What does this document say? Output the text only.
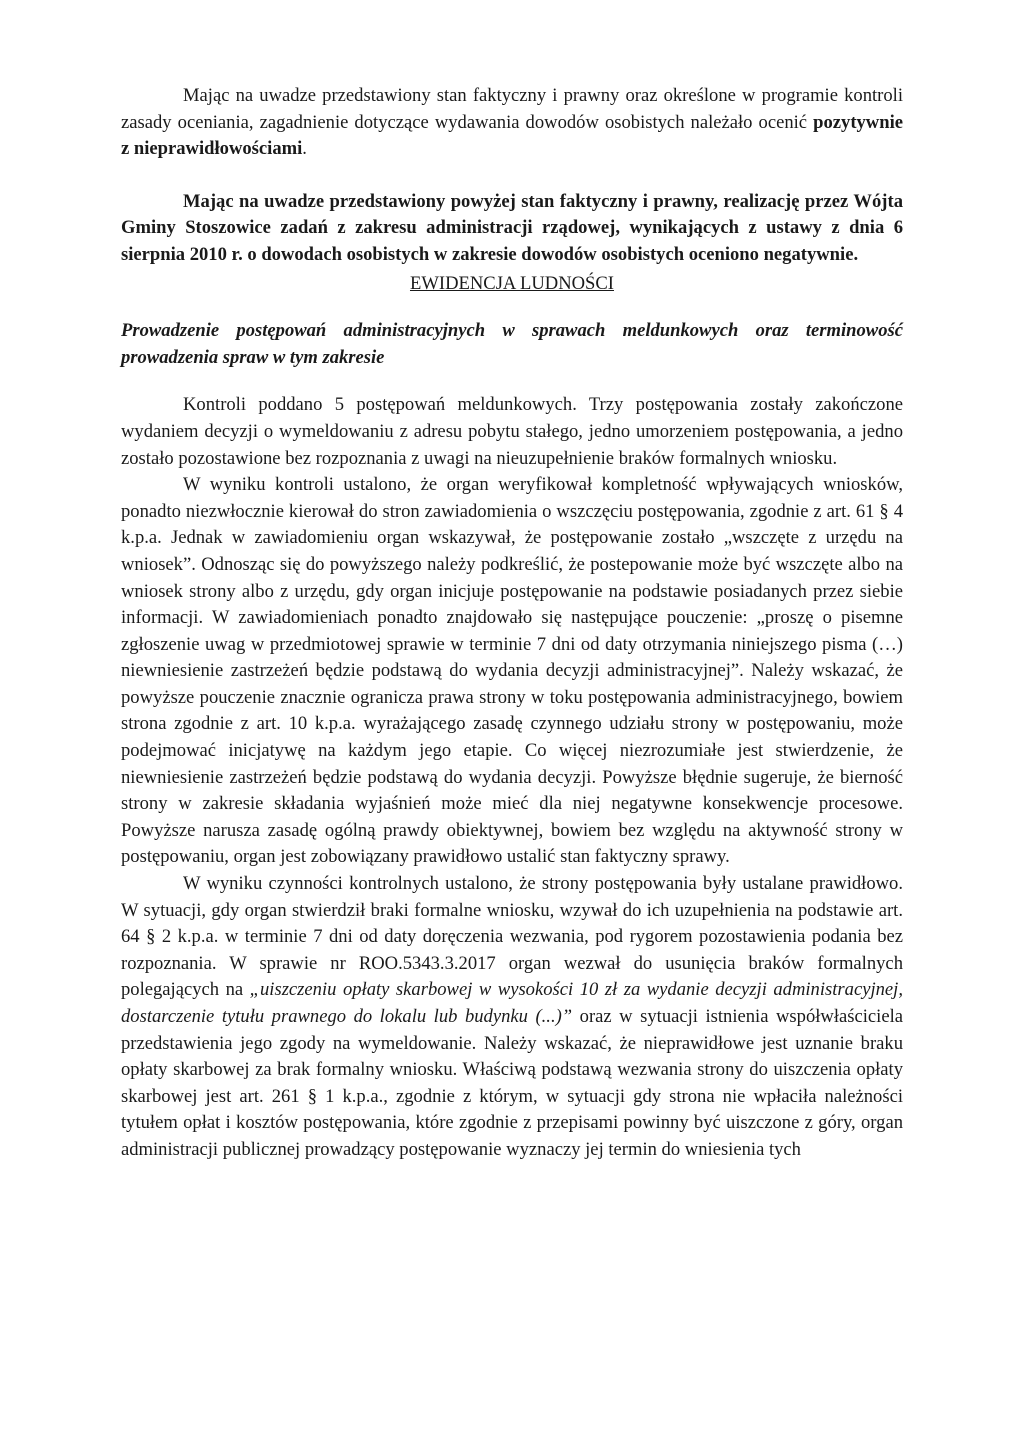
Mając na uwadze przedstawiony stan faktyczny i prawny oraz określone w programie kontroli zasady oceniania, zagadnienie dotyczące wydawania dowodów osobistych należało ocenić pozytywnie z nieprawidłowościami.

Mając na uwadze przedstawiony powyżej stan faktyczny i prawny, realizację przez Wójta Gminy Stoszowice zadań z zakresu administracji rządowej, wynikających z ustawy z dnia 6 sierpnia 2010 r. o dowodach osobistych w zakresie dowodów osobistych oceniono negatywnie.

EWIDENCJA LUDNOŚCI

Prowadzenie postępowań administracyjnych w sprawach meldunkowych oraz terminowość prowadzenia spraw w tym zakresie

Kontroli poddano 5 postępowań meldunkowych. Trzy postępowania zostały zakończone wydaniem decyzji o wymeldowaniu z adresu pobytu stałego, jedno umorzeniem postępowania, a jedno zostało pozostawione bez rozpoznania z uwagi na nieuzupełnienie braków formalnych wniosku.

W wyniku kontroli ustalono, że organ weryfikował kompletność wpływających wniosków, ponadto niezwłocznie kierował do stron zawiadomienia o wszczęciu postępowania, zgodnie z art. 61 § 4 k.p.a. Jednak w zawiadomieniu organ wskazywał, że postępowanie zostało „wszczęte z urzędu na wniosek”. Odnosząc się do powyższego należy podkreślić, że postepowanie może być wszczęte albo na wniosek strony albo z urzędu, gdy organ inicjuje postępowanie na podstawie posiadanych przez siebie informacji. W zawiadomieniach ponadto znajdowało się następujące pouczenie: „proszę o pisemne zgłoszenie uwag w przedmiotowej sprawie w terminie 7 dni od daty otrzymania niniejszego pisma (…) niewniesienie zastrzeżeń będzie podstawą do wydania decyzji administracyjnej”. Należy wskazać, że powyższe pouczenie znacznie ogranicza prawa strony w toku postępowania administracyjnego, bowiem strona zgodnie z art. 10 k.p.a. wyrażającego zasadę czynnego udziału strony w postępowaniu, może podejmować inicjatywę na każdym jego etapie. Co więcej niezrozumiałe jest stwierdzenie, że niewniesienie zastrzeżeń będzie podstawą do wydania decyzji. Powyższe błędnie sugeruje, że bierność strony w zakresie składania wyjaśnień może mieć dla niej negatywne konsekwencje procesowe. Powyższe narusza zasadę ogólną prawdy obiektywnej, bowiem bez względu na aktywność strony w postępowaniu, organ jest zobowiązany prawidłowo ustalić stan faktyczny sprawy.

W wyniku czynności kontrolnych ustalono, że strony postępowania były ustalane prawidłowo. W sytuacji, gdy organ stwierdził braki formalne wniosku, wzywał do ich uzupełnienia na podstawie art. 64 § 2 k.p.a. w terminie 7 dni od daty doręczenia wezwania, pod rygorem pozostawienia podania bez rozpoznania. W sprawie nr ROO.5343.3.2017 organ wezwał do usunięcia braków formalnych polegających na „uiszczeniu opłaty skarbowej w wysokości 10 zł za wydanie decyzji administracyjnej, dostarczenie tytułu prawnego do lokalu lub budynku (...)” oraz w sytuacji istnienia współwłaściciela przedstawienia jego zgody na wymeldowanie. Należy wskazać, że nieprawidłowe jest uznanie braku opłaty skarbowej za brak formalny wniosku. Właściwą podstawą wezwania strony do uiszczenia opłaty skarbowej jest art. 261 § 1 k.p.a., zgodnie z którym, w sytuacji gdy strona nie wpłaciła należności tytułem opłat i kosztów postępowania, które zgodnie z przepisami powinny być uiszczone z góry, organ administracji publicznej prowadzący postępowanie wyznaczy jej termin do wniesienia tych
